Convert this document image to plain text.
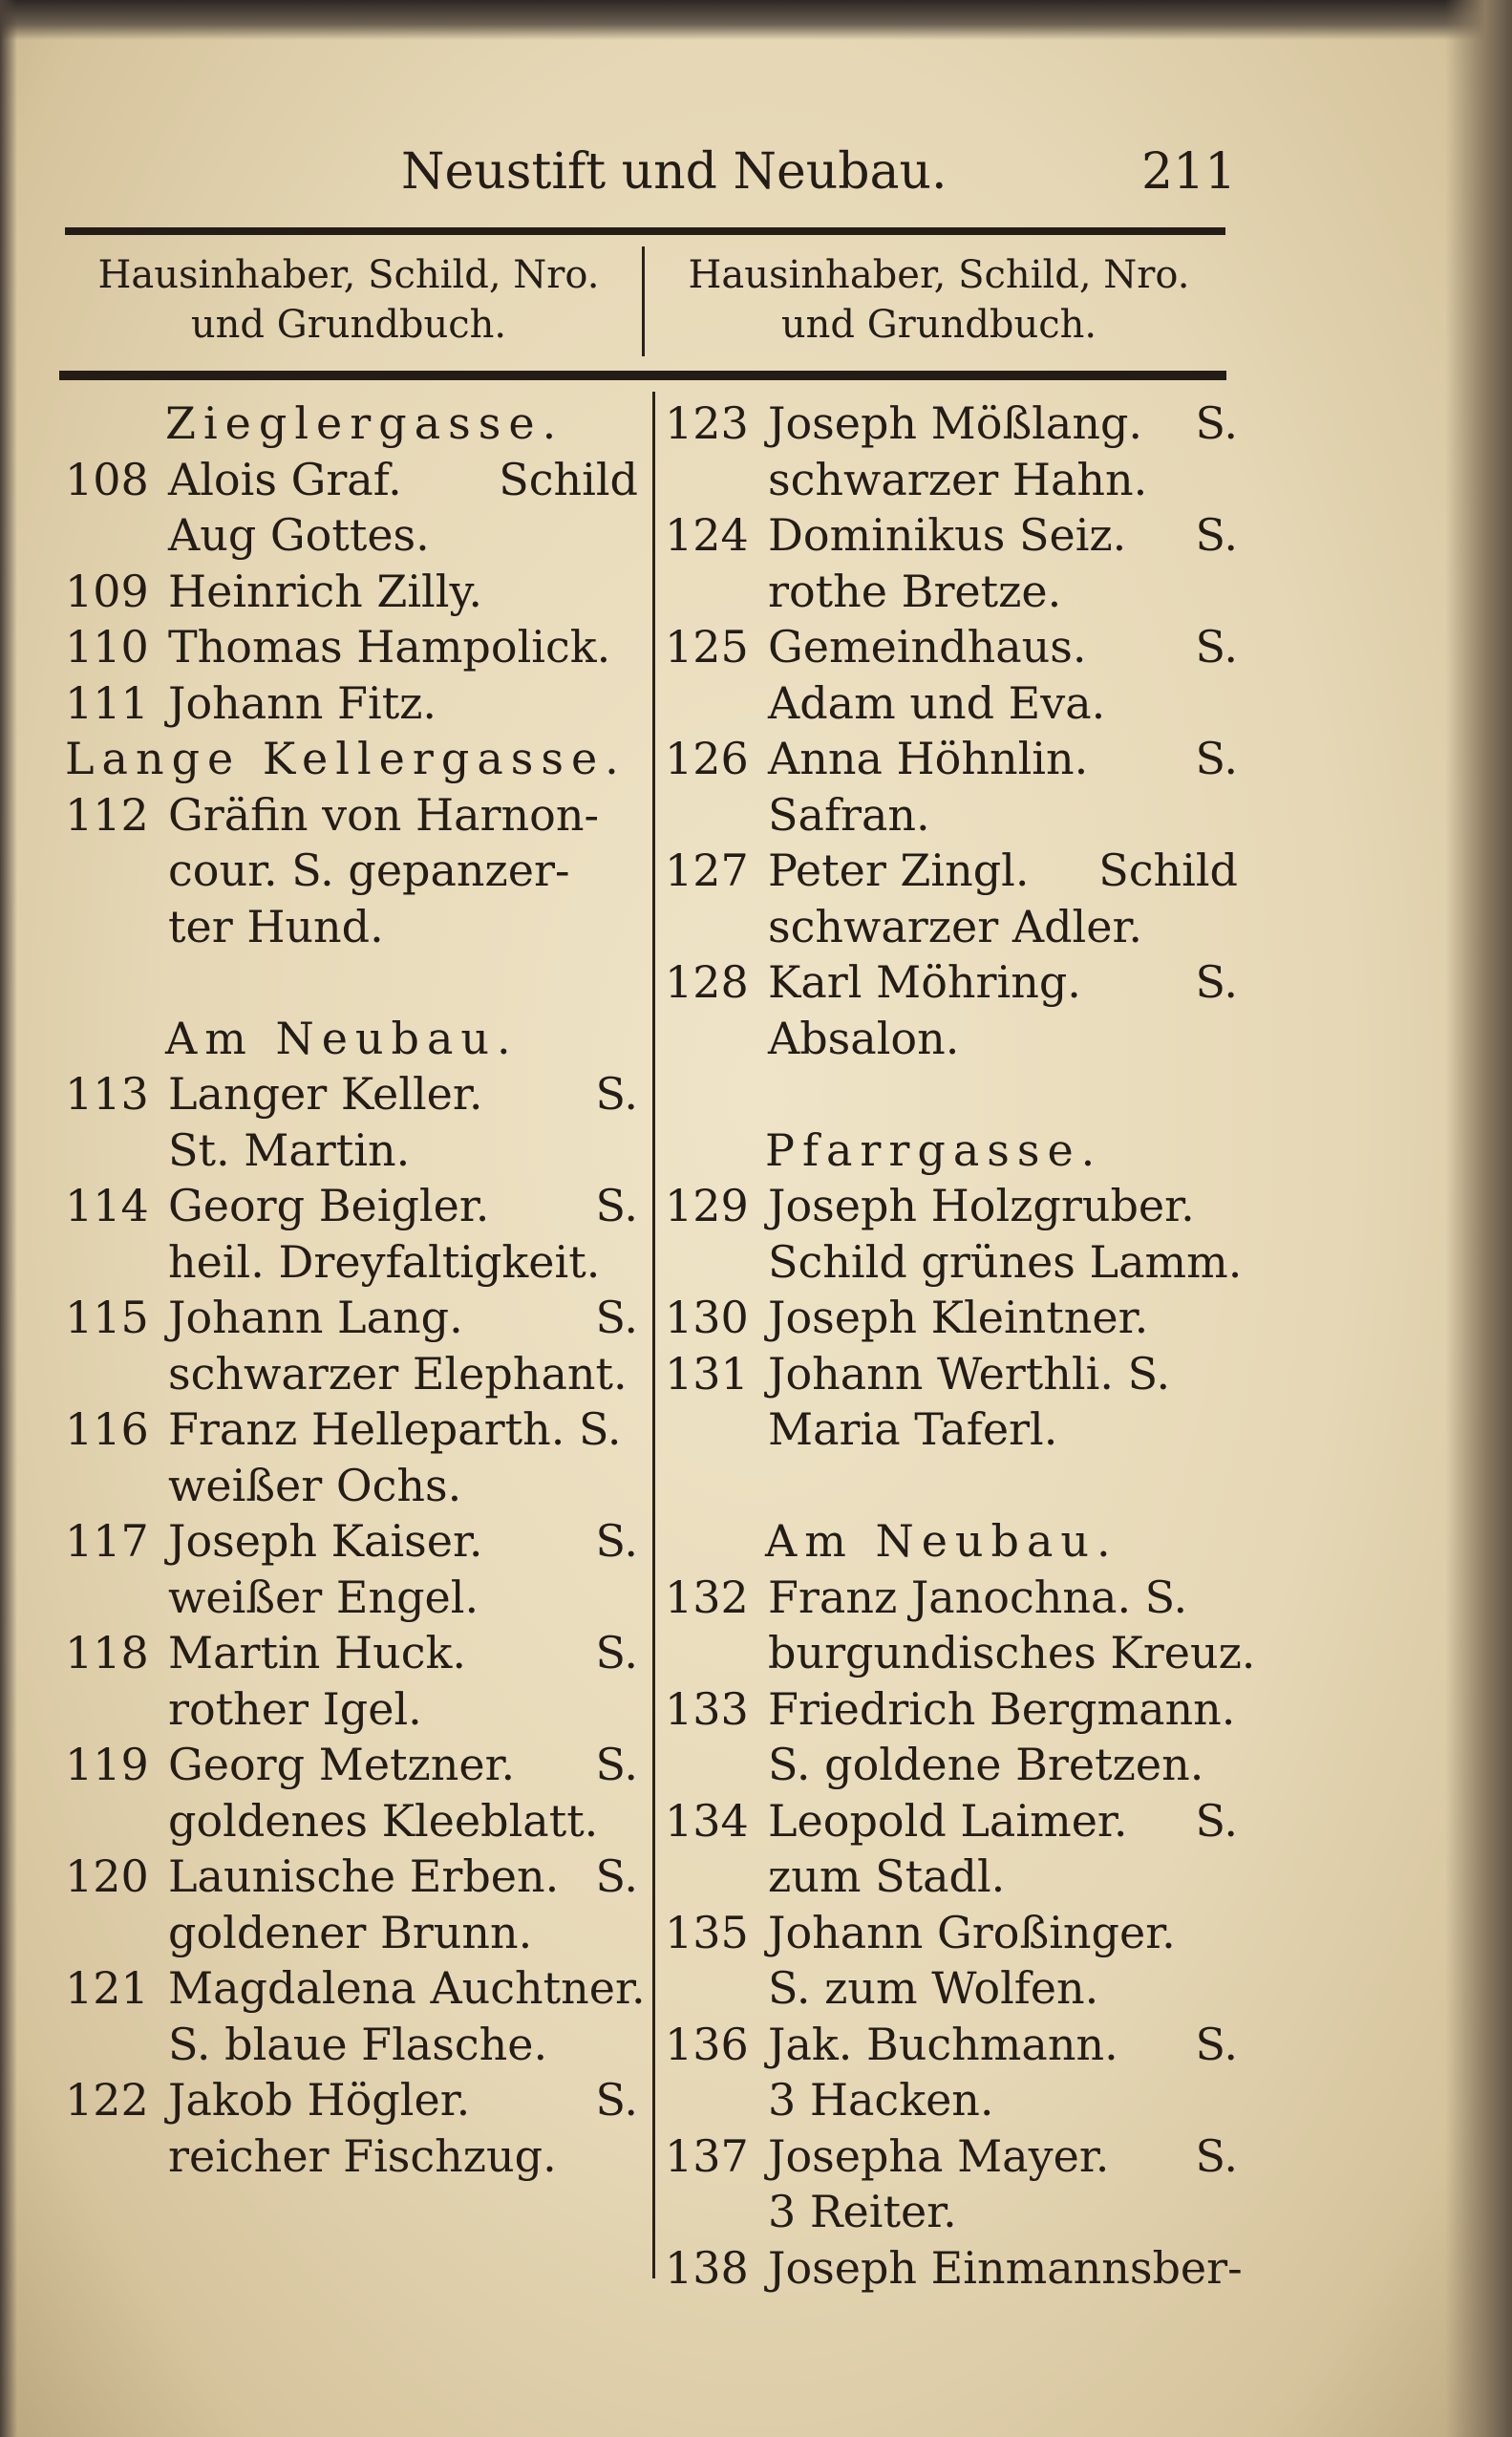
Neustift und Neubau.	211
Hausinhaber, Schild, Nro.
und Grundbuch.
Hausinhaber, Schild, Nro.
und Grundbuch.
Zieglergasse.
108 Alois Graf. Schild
Aug Gottes.
109 Heinrich Zilly.
110 Thomas Hampolick.
111 Johann Fitz.
Lange Kellergasse.
112 Gräfin von Harnon-
cour. S. gepanzer-
ter Hund.
Am Neubau.
113 Langer Keller.	S.
St. Martin.
114 Georg Beigler. S.
heil. Dreyfaltigkeit.
115 Johann Lang.	S.
schwarzer Elephant.
116 Franz Helleparth. S.
weißer Ochs.
117 Joseph Kaiser.	S.
weißer Engel.
118 Martin Huck.	S.
rother Igel.
119 Georg Metzner. S.
goldenes Kleeblatt.
120 Launische Erben. S.
goldener Brunn.
121 Magdalena Auchtner.
S. blaue Flasche.
122 Jakob Högler.	S.
reicher Fischzug.
123 Joseph Mößlang. S.
schwarzer Hahn.
124 Dominikus Seiz. S.
rothe Bretze.
125 Gemeindhaus. S.
Adam und Eva.
126 Anna Höhnlin. S.
Safran.
127 Peter Zingl. Schild
schwarzer Adler.
128 Karl Möhring.	S.
Absalon.
Pfarrgasse.
129 Joseph Holzgruber.
Schild grünes Lamm.
130 Joseph Kleintner.
131 Johann Werthli. S.
Maria Taferl.
Am Neubau.
132 Franz Janochna. S.
burgundisches Kreuz.
133 Friedrich Bergmann.
S. goldene Bretzen.
134 Leopold Laimer. S.
zum Stadl.
135 Johann Großinger.
S. zum Wolfen.
136 Jak. Buchmann. S.
3 Hacken.
137 Josepha Mayer. S.
3 Reiter.
138 Joseph Einmannsber-
